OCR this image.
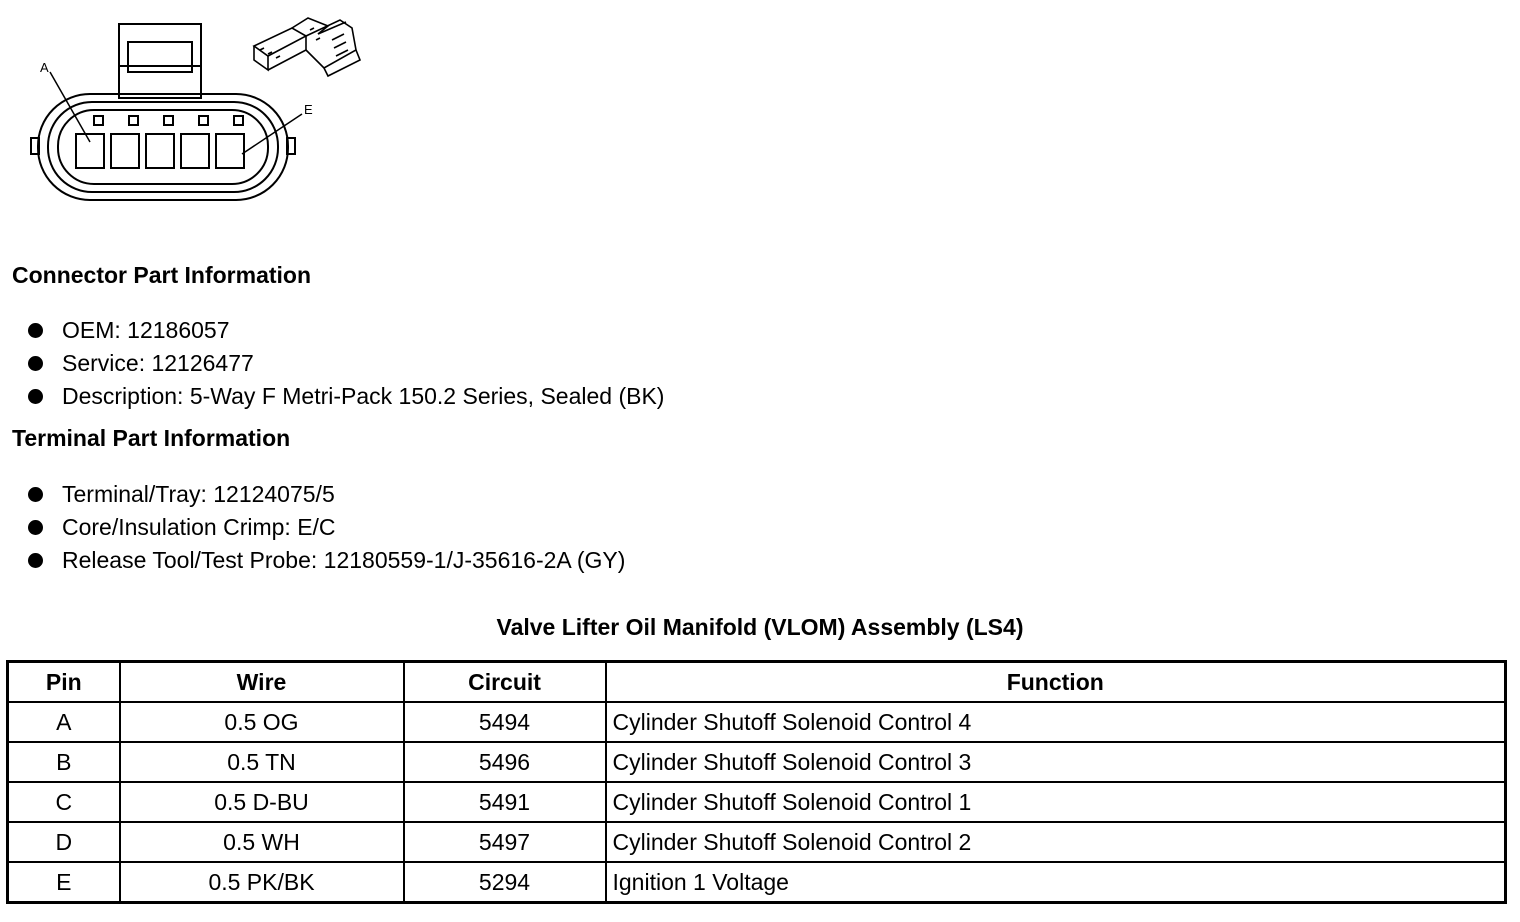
A
E
Connector Part Information
OEM: 12186057
Service: 12126477
Description: 5-Way F Metri-Pack 150.2 Series, Sealed (BK)
Terminal Part Information
Terminal/Tray: 12124075/5
Core/Insulation Crimp: E/C
Release Tool/Test Probe: 12180559-1/J-35616-2A (GY)
Valve Lifter Oil Manifold (VLOM) Assembly (LS4)
Pin	Wire	Circuit	Function
A	0.5 OG	5494	Cylinder Shutoff Solenoid Control 4
B	0.5 TN	5496	Cylinder Shutoff Solenoid Control 3
C	0.5 D-BU	5491	Cylinder Shutoff Solenoid Control 1
D	0.5 WH	5497	Cylinder Shutoff Solenoid Control 2
E	0.5 PK/BK	5294	Ignition 1 Voltage
